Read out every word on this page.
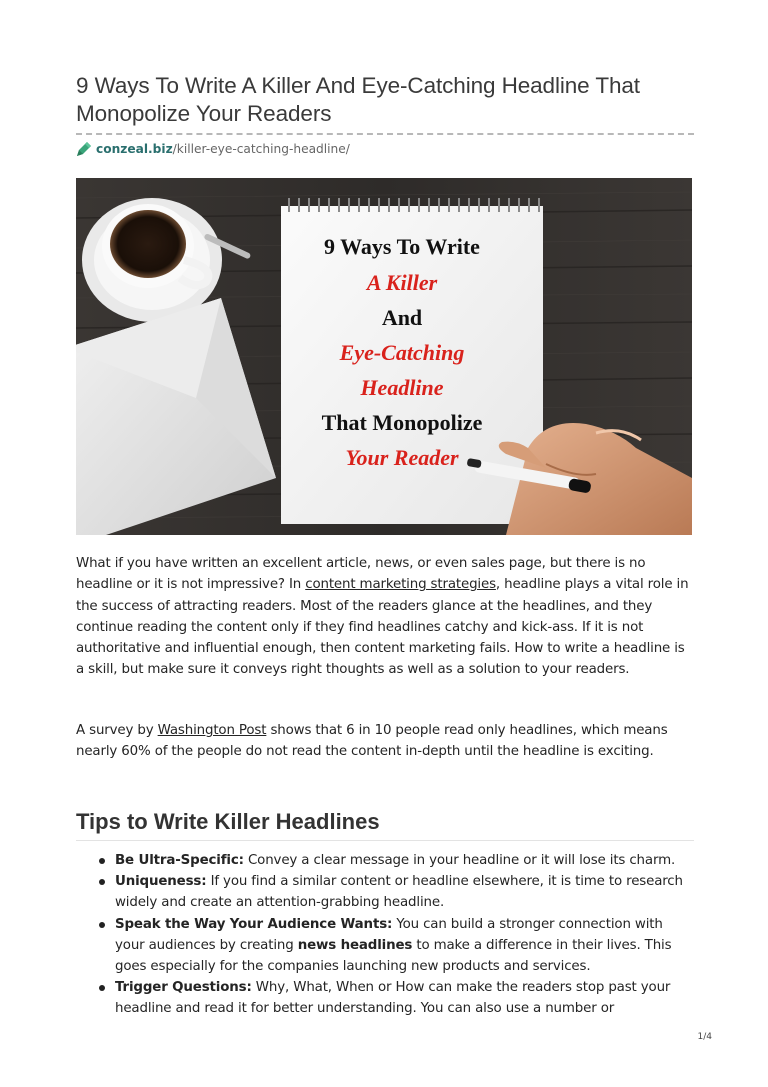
9 Ways To Write A Killer And Eye-Catching Headline That
Monopolize Your Readers
conzeal.biz /killer-eye-catching-headline/
9 Ways To Write
A Killer
And
Eye-Catching
Headline
That Monopolize
Your Reader

What if you have written an excellent article, news, or even sales page, but there is no headline or it is not impressive? In content marketing strategies, headline plays a vital role in the success of attracting readers. Most of the readers glance at the headlines, and they continue reading the content only if they find headlines catchy and kick-ass. If it is not authoritative and influential enough, then content marketing fails. How to write a headline is a skill, but make sure it conveys right thoughts as well as a solution to your readers.

A survey by Washington Post shows that 6 in 10 people read only headlines, which means nearly 60% of the people do not read the content in-depth until the headline is exciting.

Tips to Write Killer Headlines
Be Ultra-Specific: Convey a clear message in your headline or it will lose its charm.
Uniqueness: If you find a similar content or headline elsewhere, it is time to research widely and create an attention-grabbing headline.
Speak the Way Your Audience Wants: You can build a stronger connection with your audiences by creating news headlines to make a difference in their lives. This goes especially for the companies launching new products and services.
Trigger Questions: Why, What, When or How can make the readers stop past your headline and read it for better understanding. You can also use a number or
1/4
